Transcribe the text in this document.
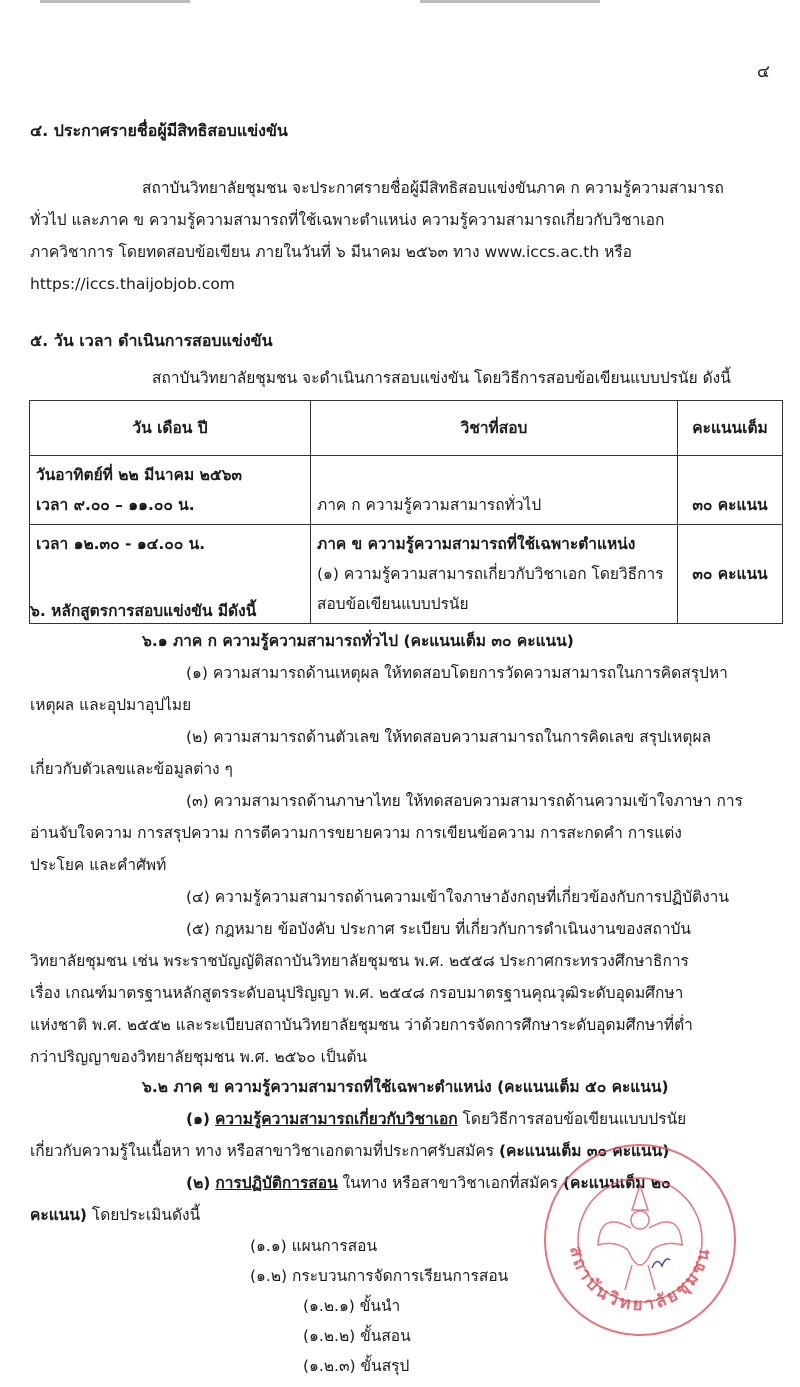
๔
๔. ประกาศรายชื่อผู้มีสิทธิสอบแข่งขัน
สถาบันวิทยาลัยชุมชน จะประกาศรายชื่อผู้มีสิทธิสอบแข่งขันภาค ก ความรู้ความสามารถ
ทั่วไป และภาค ข ความรู้ความสามารถที่ใช้เฉพาะตำแหน่ง ความรู้ความสามารถเกี่ยวกับวิชาเอก
ภาควิชาการ โดยทดสอบข้อเขียน ภายในวันที่ ๖ มีนาคม ๒๕๖๓ ทาง www.iccs.ac.th หรือ
https://iccs.thaijobjob.com
๕. วัน เวลา ดำเนินการสอบแข่งขัน
สถาบันวิทยาลัยชุมชน จะดำเนินการสอบแข่งขัน โดยวิธีการสอบข้อเขียนแบบปรนัย ดังนี้
วัน เดือน ปี	วิชาที่สอบ	คะแนนเต็ม

วันอาทิตย์ที่ ๒๒ มีนาคม ๒๕๖๓
เวลา ๙.๐๐ – ๑๑.๐๐ น.	ภาค ก ความรู้ความสามารถทั่วไป	๓๐ คะแนน
เวลา ๑๒.๓๐ - ๑๔.๐๐ น.	ภาค ข ความรู้ความสามารถที่ใช้เฉพาะตำแหน่ง
(๑) ความรู้ความสามารถเกี่ยวกับวิชาเอก โดยวิธีการ
สอบข้อเขียนแบบปรนัย	๓๐ คะแนน
๖. หลักสูตรการสอบแข่งขัน มีดังนี้
๖.๑ ภาค ก ความรู้ความสามารถทั่วไป (คะแนนเต็ม ๓๐ คะแนน)
(๑) ความสามารถด้านเหตุผล ให้ทดสอบโดยการวัดความสามารถในการคิดสรุปหา
เหตุผล และอุปมาอุปไมย
(๒) ความสามารถด้านตัวเลข ให้ทดสอบความสามารถในการคิดเลข สรุปเหตุผล
เกี่ยวกับตัวเลขและข้อมูลต่าง ๆ
(๓) ความสามารถด้านภาษาไทย ให้ทดสอบความสามารถด้านความเข้าใจภาษา การ
อ่านจับใจความ การสรุปความ การตีความการขยายความ การเขียนข้อความ การสะกดคำ การแต่ง
ประโยค และคำศัพท์
(๔) ความรู้ความสามารถด้านความเข้าใจภาษาอังกฤษที่เกี่ยวข้องกับการปฏิบัติงาน
(๕) กฎหมาย ข้อบังคับ ประกาศ ระเบียบ ที่เกี่ยวกับการดำเนินงานของสถาบัน
วิทยาลัยชุมชน เช่น พระราชบัญญัติสถาบันวิทยาลัยชุมชน พ.ศ. ๒๕๕๘ ประกาศกระทรวงศึกษาธิการ
เรื่อง เกณฑ์มาตรฐานหลักสูตรระดับอนุปริญญา พ.ศ. ๒๕๔๘ กรอบมาตรฐานคุณวุฒิระดับอุดมศึกษา
แห่งชาติ พ.ศ. ๒๕๕๒ และระเบียบสถาบันวิทยาลัยชุมชน ว่าด้วยการจัดการศึกษาระดับอุดมศึกษาที่ต่ำ
กว่าปริญญาของวิทยาลัยชุมชน พ.ศ. ๒๕๖๐ เป็นต้น
๖.๒ ภาค ข ความรู้ความสามารถที่ใช้เฉพาะตำแหน่ง (คะแนนเต็ม ๕๐ คะแนน)
(๑) ความรู้ความสามารถเกี่ยวกับวิชาเอก โดยวิธีการสอบข้อเขียนแบบปรนัย
เกี่ยวกับความรู้ในเนื้อหา ทาง หรือสาขาวิชาเอกตามที่ประกาศรับสมัคร (คะแนนเต็ม ๓๐ คะแนน)
(๒) การปฏิบัติการสอน ในทาง หรือสาขาวิชาเอกที่สมัคร (คะแนนเต็ม ๒๐
คะแนน) โดยประเมินดังนี้
(๑.๑) แผนการสอน
(๑.๒) กระบวนการจัดการเรียนการสอน
(๑.๒.๑) ขั้นนำ
(๑.๒.๒) ขั้นสอน
(๑.๒.๓) ขั้นสรุป
สถาบันวิทยาลัยชุมชน
